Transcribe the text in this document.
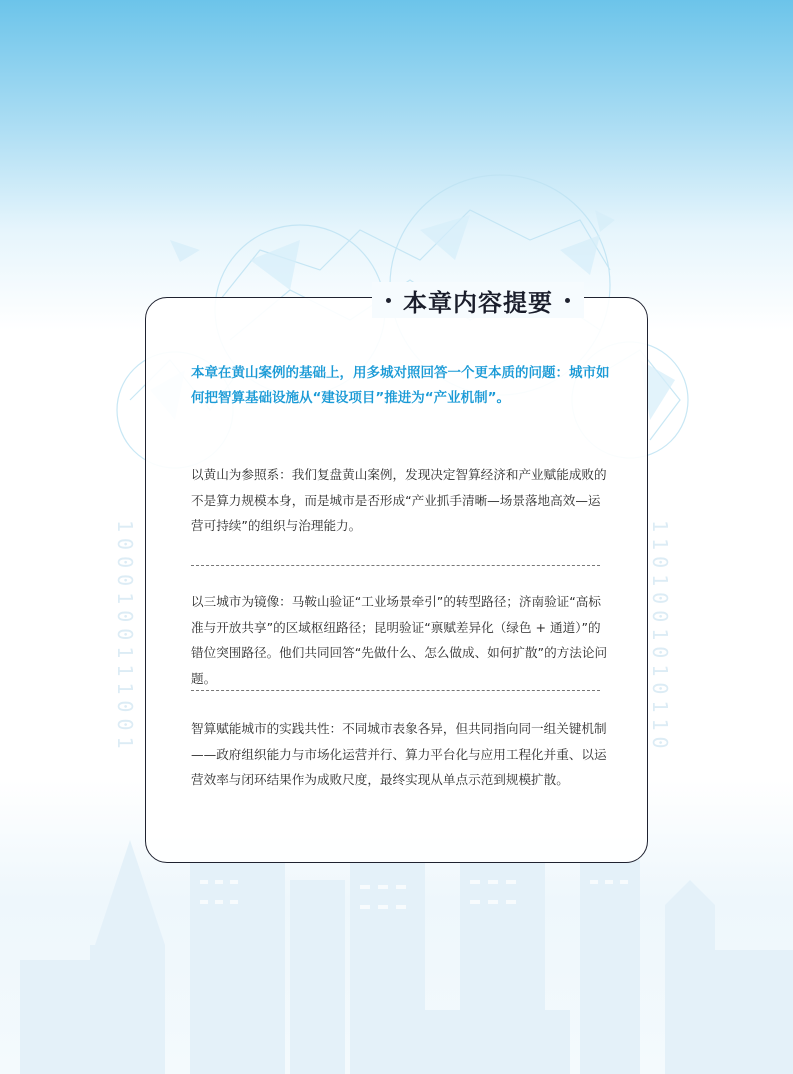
1000100111001	1101001010110
本章内容提要
本章在黄山案例的基础上，用多城对照回答一个更本质的问题：城市如何把智算基础设施从“建设项目”推进为“产业机制”。
以黄山为参照系：我们复盘黄山案例，发现决定智算经济和产业赋能成败的不是算力规模本身，而是城市是否形成“产业抓手清晰—场景落地高效—运营可持续”的组织与治理能力。
以三城市为镜像：马鞍山验证“工业场景牵引”的转型路径；济南验证“高标准与开放共享”的区域枢纽路径；昆明验证“禀赋差异化（绿色 + 通道）”的错位突围路径。他们共同回答“先做什么、怎么做成、如何扩散”的方法论问题。
智算赋能城市的实践共性：不同城市表象各异，但共同指向同一组关键机制——政府组织能力与市场化运营并行、算力平台化与应用工程化并重、以运营效率与闭环结果作为成败尺度，最终实现从单点示范到规模扩散。
